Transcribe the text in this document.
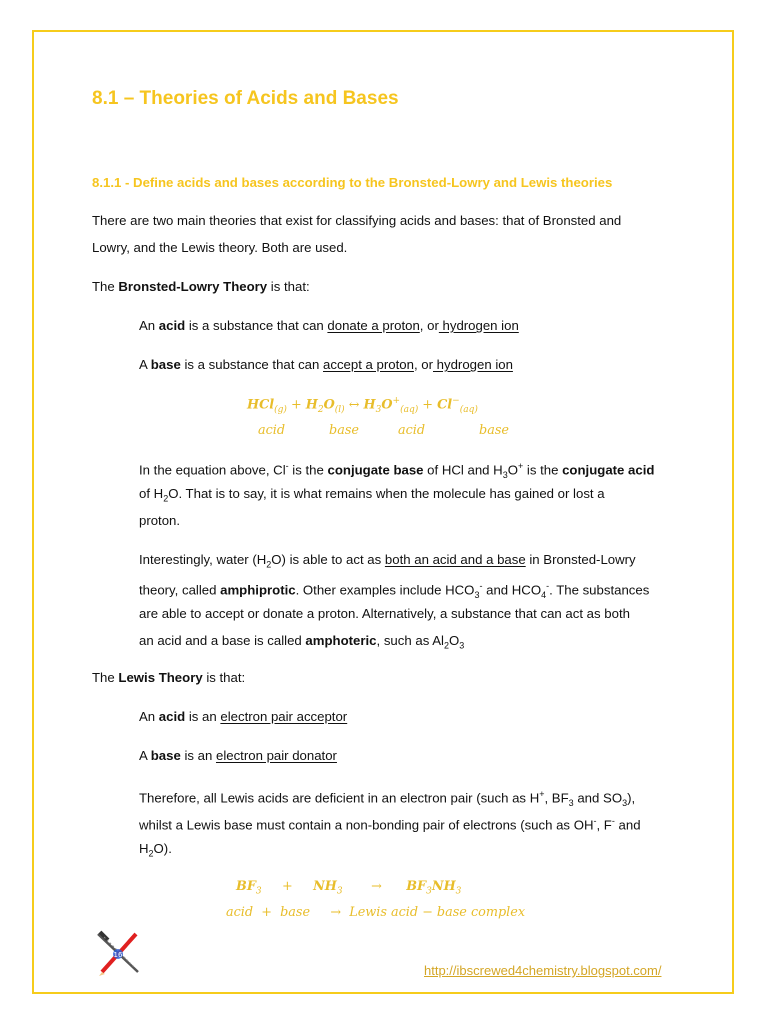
8.1 – Theories of Acids and Bases
8.1.1 - Define acids and bases according to the Bronsted-Lowry and Lewis theories
There are two main theories that exist for classifying acids and bases: that of Bronsted and
Lowry, and the Lewis theory. Both are used.
The Bronsted-Lowry Theory is that:
An acid is a substance that can donate a proton, or hydrogen ion
A base is a substance that can accept a proton, or hydrogen ion
$HCl_{(g)} + H_2O_{(l)}$ ↔ $H_3O^+_{(aq)} + Cl^-_{(aq)}$
acid	base	acid	base
In the equation above, Cl- is the conjugate base of HCl and $H_3O^+$ is the conjugate acid
of $H_2O$. That is to say, it is what remains when the molecule has gained or lost a
proton.
Interestingly, water $(H_2O)$ is able to act as both an acid and a base in Bronsted-Lowry
theory, called amphiprotic. Other examples include $HCO_3^-$ and $HCO_4^-$. The substances
are able to accept or donate a proton. Alternatively, a substance that can act as both
an acid and a base is called amphoteric, such as $Al_2O_3$
The Lewis Theory is that:
An acid is an electron pair acceptor
A base is an electron pair donator
Therefore, all Lewis acids are deficient in an electron pair (such as H+, $BF_3$ and $SO_3$),
whilst a Lewis base must contain a non-bonding pair of electrons (such as OH-, F- and
$H_2O$).
$BF_3 + NH_3 \to BF_3NH_3$
acid  +  base     →  Lewis acid − base complex
16
http://ibscrewed4chemistry.blogspot.com/
